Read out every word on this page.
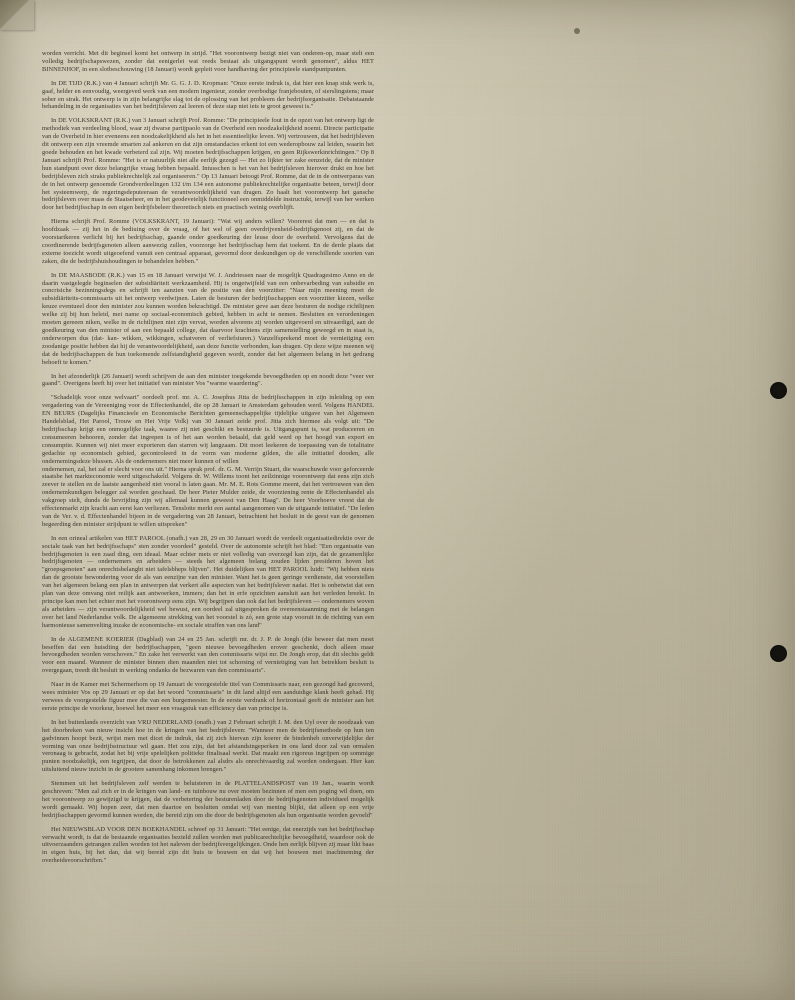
worden verricht. Met dit beginsel komt het ontwerp in strijd. "Het voorontwerp bezigt niet van onderen-op, maar stelt een volledig bedrijfschapswezen, zonder dat eenigerlei wat reeds bestaat als uitgangspunt wordt genomen", aldus HET BINNENHOF, in een slotbeschouwing (18 Januari) wordt gepleit voor handhaving der principieele standpuntpunten.

In DE TIJD (R.K.) van 4 Januari schrijft Mr. G. G. J. D. Kropman: "Onze eerste indruk is, dat hier een knap stuk werk is, gaaf, helder en eenvoudig, weergeved werk van een modern ingenieur, zonder overbodige franjebouten, of sierslingstens; maar sober en strak. Het ontwerp is in zijn belangrijke slag tot de oplossing van het probleem der bedrijfsorganisatie. Debatstaande behandeling in de organisaties van het bedrijfsleven zal leeren of deze stap niet iets te groot geweest is."

In DE VOLKSKRANT (R.K.) van 3 Januari schrijft Prof. Romme: "De principieele fout in de opzet van het ontwerp ligt de methodiek van verdeeling blood, waar zij dwarse partijpaolo van de Overheid een noodzakelijkheid noemt. Directe participatie van de Overheid in hier eveneens een noodzakelijkheid als het in het essentieelijke leven. Wij vertrouwen, dat het bedrijfsleven dit ontwerp een zijn vreemde smarten zal ankeren en dat zijn omstandacies erkent tot een wederopbouw zal leiden, waarin het goede behouden en het kwade verbeterd zal zijn. Wij moeten bedrijfsschappen krijgen, en geen Rijkswerkinrichtingen." Op 8 Januari schrijft Prof. Romme: "Het is er natuurlijk niet alle eerlijk gezegd — Het zo lijkter ter zake eenzeide, dat de minister hun standpunt over deze belangrijke vraag hebben bepaald. Intusschen is het van het bedrijfsleven hierover drukt en hoe het bedrijfsleven zich straks publiekrechtelijk zal organiseeren." Op 13 Januari betoogt Prof. Romme, dat de in de ontwerparas van de in het ontwerp genoemde Grondverdeelingen 132 t/m 134 een autonome publiekrechtelijke organisatie beteen, terwijl door het systeemwerp, de regeringsdeputeeraan de verantwoordelijkheid van dragen. Zo haalt het voorontwerp het gansche bedrijfsleven over maas de Staatseheer, en in het geodevetelijk functioneel een onmiddelde instructukt, terwijl van her werken door het bedrijfsschap in een eigen bedrijfsbeleer theoretisch niets en practisch weinig overblijft.

Hierna schrijft Prof. Romme (VOLKSKRANT, 19 Januari): "Wat wij anders willen? Voorerest dat men — en dat is hoofdzaak — zij het in de bediuing over de vraag, of het wel of geen overdrijvenheid-bedrijfsgenoot zij, en dat de voorstartkeren verlicht bij het bedrijfsschap, gaande onder goedkeuring der leuse door de overheid. Vervolgens dat de coordinerende bedrijfsgenoten alleen aanwezig zullen, voorzorge het bedrijfsschap hem dat toekent. En de derde plaats dat externe toezicht wordt uitgeoefend vanuit een centraal apparaat, gevormd door deskundigen op de verschillende soorten van zaken, die de bedrijfshuishoudingen te behandelen hebben."

In DE MAASBODE (R.K.) van 15 en 18 Januari verwijst W. J. Andriessen naar de mogelijk Quadragesimo Anno en de daarin vastgelegde beginselen der subsidiäriteit werkzaamheid. Hij is ongetwijfeld van een onbevarbeding van subsidie en concrisiche bezinningsdegs en schrijft ten aanzien van de positie van den voorzitter: "Naar mijn meening moet de subsidiäriteits-commissaris uit het ontwerp verdwijnen. Laten de besturen der bedrijfsschappen een voorzitter kiezen, welke keuze eventueel door den minister zou kunnen worden bekrachtigd. De minister geve aan deze besturen de nodige richtlijnen welke zij bij hun beleid, met name op sociaal-economisch gebied, hebben in acht te nemen. Besluiten en verordeningen moeten gereeen niken, welke in de richtlijnen niet zijn vervat, worden alvorens zij worden uitgevoerd en uitvaardigd, aan de goedkeuring van den minister of aan een bepaald college, dat daarvoor krachtens zijn samenstelling geweegd en in staat is, onderworpen dus (dat- kan- wikken, wikkingen, schatveren of verliefsturen.) Vanzelfsprekend moet de vernietiging een zoodanige positie hebben dat hij de verantwoordelijkheid, aan deze functie verbonden, kan dragen. Op deze wijze meenen wij dat de bedrijfsschappen de hun toekomende zelfstandigheid gegeven wordt, zonder dat het algemeen belang in het gedrang behoeft te komen."

In het afzonderlijk (26 Januari) wordt schrijven de aan den minister toegekende bevoegdheden op en noodt deze "veer ver gaand". Overigens heeft hij over het initiatief van minister Vos "warme waardering".

"Schadelijk voor onze welvaart" oordeelt prof. mr. A. C. Josephus Jitta de bedrijfsschappen in zijn inleiding op een vergadering van de Vereeniging voor de Effectenhandel, die op 28 Januari te Amsterdam gehouden werd. Volgens HANDEL EN BEURS (Dagelijks Financieele en Economische Berichten gemeenschappelijke tijdelijke uitgave van het Algemeen Handelsblad, Het Parool, Trouw en Het Vrije Volk) van 30 Januari zeide prof. Jitta zich hiermee als volgt uit: "De bedrijfsschap krijgt een onmogelijke taak, waaree zij niet geschikt en bestuurde is. Uitgangspunt is, wat produceeren en consumeeren behooren, zonder dat ingrepen is of het aan worden betaald, dat geld werd op het hoogd van export en consumptie. Kunnen wij niet meer exporteren dan starren wij langzaam. Dit moet leekeren de toepassing van de totalitaire gedachte op economisch gebied, gecontroleerd in de vorm van moderne gilden, die alle initiatief dooden, alle ondernemingsdeze blussen. Als de ondernemers niet meer kunnen of willen

ondernemen, zal, het zal er slecht voor ons uit." Hierna sprak prof. dr. G. M. Verrijn Stuart, die waarschuwde voor geforceerde staatsbe het markteconomie werd uitgeschakeld. Volgens dr. W. Willems toont het zeilzinnige voorontwerp dat eens zijn zich zeever te stellen en de laatste aangenheid niet vooral is laten gaan. Mr. M. E. Rots Gomme meent, dat het vertrouwen van den ondernemkundigen belegger zal worden geschaad. De heer Pieter Mulder zeide, de voorziening rente de Effectenhandel als vakgroep stelt, dunds de bevrijding zijn wij allemaal kunnen geweest van Den Haag". De heer Voorhoeve vreest dat de effectenmarkt zijn kracht aan eerst kan verliezen. Tenslotte merkt een aantal aangenomen van de uitgaande initiatief. "De leden van de Ver. v. d. Effectenhandel bijeen in de vergadering van 28 Januari, betrachtent het besluit in de geest van de genomen begeerding den minister strijdpunt te willen uitspreken"

In een orineal artikelen van HET PAROOL (onafh.) van 28, 29 en 30 Januari wordt de verdeelt organisatiedirektie over de sociale taak van het bedrijfsschaps" sten zonder voordeel" gesteld. Over de autonomie schrijft het blad: "Een organisatie van bedrijfsgenoten is een zaad ding, een ideaal. Maar echter mets er niet volledig van overzegd kan zijn, dat de gezamenlijke bedrijfsgenoten — ondernemers en arbeiders — steeds het algemeen belang zouden lijden presideren hoven het "groepsgenoten" aan onrechtsbelangbt niet tafelsbheps blijven". Het duidelijken van HET PAROOL luidt: "Wij hebben niets dan de grootste bewondering voor de als van eenzijne van den minister. Want het is geen geringe verdienste, dat voorstellen van het algemeen belang een plan in antwerpen dat verkert alle aspecten van het bedrijfslever nadat. Het is onbetwist dat een plan van deze omvang niet reilijk aan antwoerken, immers; dan het in erfe opzichten aansluit aan het verleden breekt. In principe kan men het echter met het voorontwerp eens zijn. Wij begrijpen dan ook dat het bedrijfsleven — ondernemers woven als arbeiders — zijn verantwoordelijkheid wel bewust, een oordeel zal uitgesproken de overeenstaanming met de belangen over het land Nederlandse volk. De algemeene strekking van het voorstel is zó, een grote stap vooruit in de richting van een harmonieuse samenvelting inzake de economische- en sociale straffen van ons land"

In de ALGEMENE KOERIER (Dagblad) van 24 en 25 Jan. schrijft mr. dr. J. P. de Jongh (die beweer dat men moet beseffen dat een huisdiing der bedrijfsschappen, "geen nieuwe bevoegdheden erover geschenkt, doch alleen maar bevoegdheden worden verschoven." En zake het verwerkt van den commissaris wijst mr. De Jongh erop, dat dit slechts geldt voor een maand. Wanneer de minister binnen dien maanden niet tot schorsing of vernietiging van het betrekken besluit is overgegaan, treedt dit besluit in werking ondanks de bezwaren van den commissaris".

Naar in de Kamer met Schermerhorn op 19 Januari de voorgestelde titel van Commissaris naar, een gezongd had gecoverd, wees minister Vos op 29 Januari er op dat het woord "commissaris" in dit land altijd een aanduidige klank heeft gehad. Hij verwees de voorgestelde figuur mee die van een burgemeester. In de eerste verdrank of horizontaal geeft de minister aan het eerste principe de voorkeur, hoewel het meer een vraagstuk van efficiency dan van principe is.

In het buitenlands overzicht van VRIJ NEDERLAND (onafh.) van 2 Februari schrijft J. M. den Uyl over de noodzaak van het doorbreken van nieuw insicht hoe in de kringen van het bedrijfsleven: "Wanneer men de bedrijfsmethode op hun ten gadvinnen hoopt bezit, wrijst men met dicet de indruk, dat zij zich hiervan zijn koerer de bindenheb onverwijdelijke der vorming van onze bedrijfsstructuur wil gaan. Het zou zijn, dat het afstandsingeperken in ons land door zal van ormalen veronaag is gebracht, zodat het bij vrije spelelijken politieke finalisaal werkt. Dat maakt een rigoreus ingrijpen op sommige punten noodzakelijk, een tegrijpen, dat door de betrokkenen zal alsdrs als onrechtvaardig zal worden ondergaan. Hier kan uitsluitend nieuw inzicht in de grootere samenhang inkomen brengen."

Stemmen uit het bedrijfsleven zelf werden te beluisteren in de PLATTELANDSPOST van 19 Jan., waarin wordt geschreven: "Men zal zich er in de kringen van land- en tuinbouw nu over moeten bezinnen of men een poging wil doen, om het voorontwerp zo gewijzigd te krijgen, dat de verbetering der besturenladen door de bedrijfsgenoten individueel mogelijk wordt gemaakt. Wij hopen zeer, dat men daartoe en besluiten omdat wij van mening blijkt, dat alleen op een vrije bedrijfsschappen gevormd kunnen worden, die bereid zijn om die door de bedrijfsgenoten als hun organisatie worden gevoeld"

Het NIEUWSBLAD VOOR DEN BOEKHANDEL schreef op 31 Januari: "Het eenige, dat enerzijds van het bedrijfsschap verwacht wordt, is dat de bestaande organisaties bezield zullen worden met publicarechtelijke bevoegdheid, waardoor ook de uitvoerzaanders getrangen zullen worden tot het naleven der bedrijfsvergelijkingen. Onde hen eerlijk blijven zij maar likt baas in eigen huis, bij het dan, dat wij bereid zijn dit huis te bouwen en dat wij het bouwen met inachtneming der overheidsvoorschriften."
